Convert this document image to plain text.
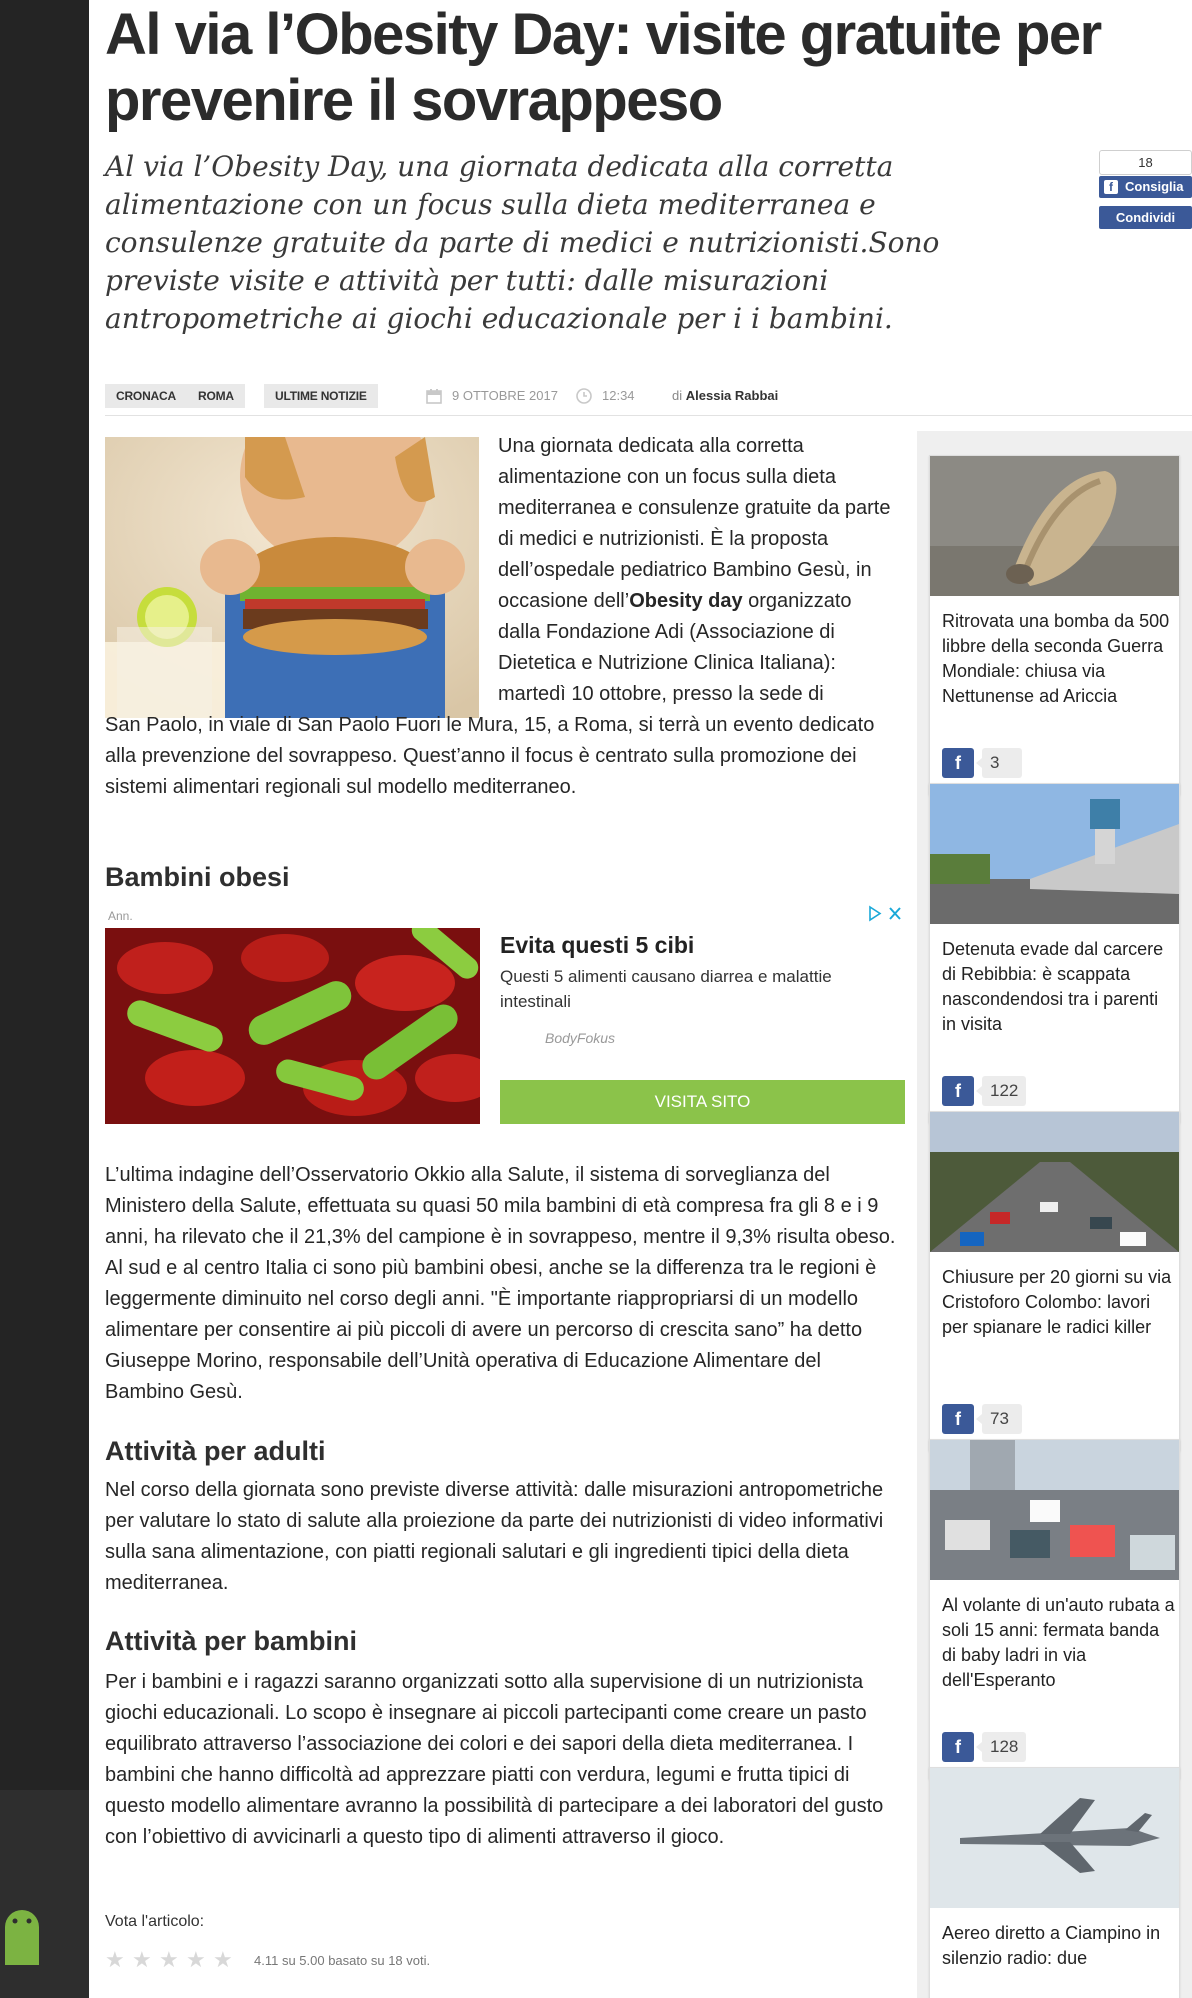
Al via l’Obesity Day: visite gratuite per prevenire il sovrappeso

Al via l’Obesity Day, una giornata dedicata alla corretta alimentazione con un focus sulla dieta mediterranea e consulenze gratuite da parte di medici e nutrizionisti.Sono previste visite e attività per tutti: dalle misurazioni antropometriche ai giochi educazionale per i i bambini.

18
f Consiglia
Condividi
CRONACA	ROMA	ULTIME NOTIZIE	9 OTTOBRE 2017	12:34	di Alessia Rabbai

Una giornata dedicata alla corretta alimentazione con un focus sulla dieta mediterranea e consulenze gratuite da parte di medici e nutrizionisti. È la proposta dell’ospedale pediatrico Bambino Gesù, in occasione dell’Obesity day organizzato dalla Fondazione Adi (Associazione di Dietetica e Nutrizione Clinica Italiana): martedì 10 ottobre, presso la sede di

San Paolo, in viale di San Paolo Fuori le Mura, 15, a Roma, si terrà un evento dedicato alla prevenzione del sovrappeso. Quest’anno il focus è centrato sulla promozione dei sistemi alimentari regionali sul modello mediterraneo.

Bambini obesi
Ann.
Evita questi 5 cibi
Questi 5 alimenti causano diarrea e malattie intestinali
BodyFokus
VISITA SITO

L’ultima indagine dell’Osservatorio Okkio alla Salute, il sistema di sorveglianza del Ministero della Salute, effettuata su quasi 50 mila bambini di età compresa fra gli 8 e i 9 anni, ha rilevato che il 21,3% del campione è in sovrappeso, mentre il 9,3% risulta obeso. Al sud e al centro Italia ci sono più bambini obesi, anche se la differenza tra le regioni è leggermente diminuito nel corso degli anni. "È importante riappropriarsi di un modello alimentare per consentire ai più piccoli di avere un percorso di crescita sano” ha detto Giuseppe Morino, responsabile dell’Unità operativa di Educazione Alimentare del Bambino Gesù.

Attività per adulti

Nel corso della giornata sono previste diverse attività: dalle misurazioni antropometriche per valutare lo stato di salute alla proiezione da parte dei nutrizionisti di video informativi sulla sana alimentazione, con piatti regionali salutari e gli ingredienti tipici della dieta mediterranea.

Attività per bambini

Per i bambini e i ragazzi saranno organizzati sotto alla supervisione di un nutrizionista giochi educazionali. Lo scopo è insegnare ai piccoli partecipanti come creare un pasto equilibrato attraverso l’associazione dei colori e dei sapori della dieta mediterranea. I bambini che hanno difficoltà ad apprezzare piatti con verdura, legumi e frutta tipici di questo modello alimentare avranno la possibilità di partecipare a dei laboratori del gusto con l’obiettivo di avvicinarli a questo tipo di alimenti attraverso il gioco.

Vota l'articolo:
★ ★ ★ ★ ★	4.11 su 5.00 basato su 18 voti.
Ritrovata una bomba da 500 libbre della seconda Guerra Mondiale: chiusa via Nettunense ad Ariccia
f	3
Detenuta evade dal carcere di Rebibbia: è scappata nascondendosi tra i parenti in visita
f	122
Chiusure per 20 giorni su via Cristoforo Colombo: lavori per spianare le radici killer
f	73
Al volante di un'auto rubata a soli 15 anni: fermata banda di baby ladri in via dell'Esperanto
f	128
Aereo diretto a Ciampino in silenzio radio: due
